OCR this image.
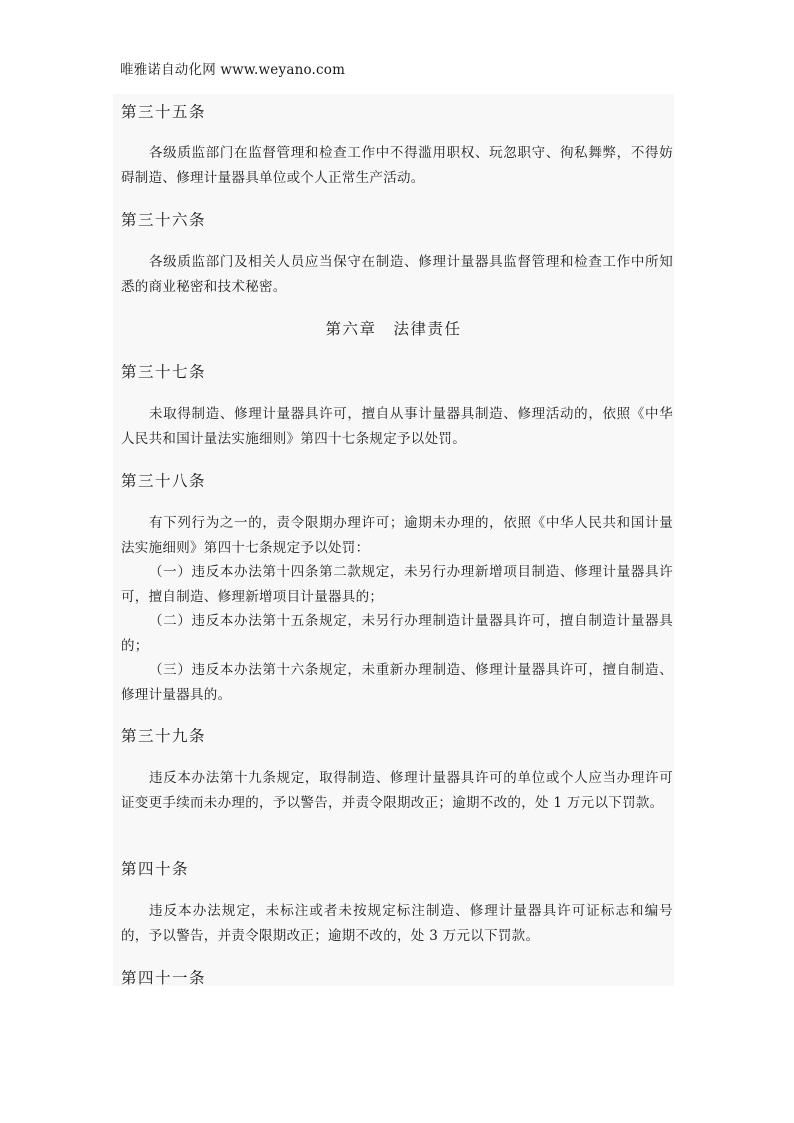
唯雅诺自动化网 www.weyano.com
第三十五条
各级质监部门在监督管理和检查工作中不得滥用职权、玩忽职守、徇私舞弊，不得妨碍制造、修理计量器具单位或个人正常生产活动。
第三十六条
各级质监部门及相关人员应当保守在制造、修理计量器具监督管理和检查工作中所知悉的商业秘密和技术秘密。
第六章　法律责任
第三十七条
未取得制造、修理计量器具许可，擅自从事计量器具制造、修理活动的，依照《中华人民共和国计量法实施细则》第四十七条规定予以处罚。
第三十八条
有下列行为之一的，责令限期办理许可；逾期未办理的，依照《中华人民共和国计量法实施细则》第四十七条规定予以处罚：
（一）违反本办法第十四条第二款规定，未另行办理新增项目制造、修理计量器具许可，擅自制造、修理新增项目计量器具的；
（二）违反本办法第十五条规定，未另行办理制造计量器具许可，擅自制造计量器具的；
（三）违反本办法第十六条规定，未重新办理制造、修理计量器具许可，擅自制造、修理计量器具的。
第三十九条
违反本办法第十九条规定，取得制造、修理计量器具许可的单位或个人应当办理许可证变更手续而未办理的，予以警告，并责令限期改正；逾期不改的，处 1 万元以下罚款。
第四十条
违反本办法规定，未标注或者未按规定标注制造、修理计量器具许可证标志和编号的，予以警告，并责令限期改正；逾期不改的，处 3 万元以下罚款。
第四十一条
